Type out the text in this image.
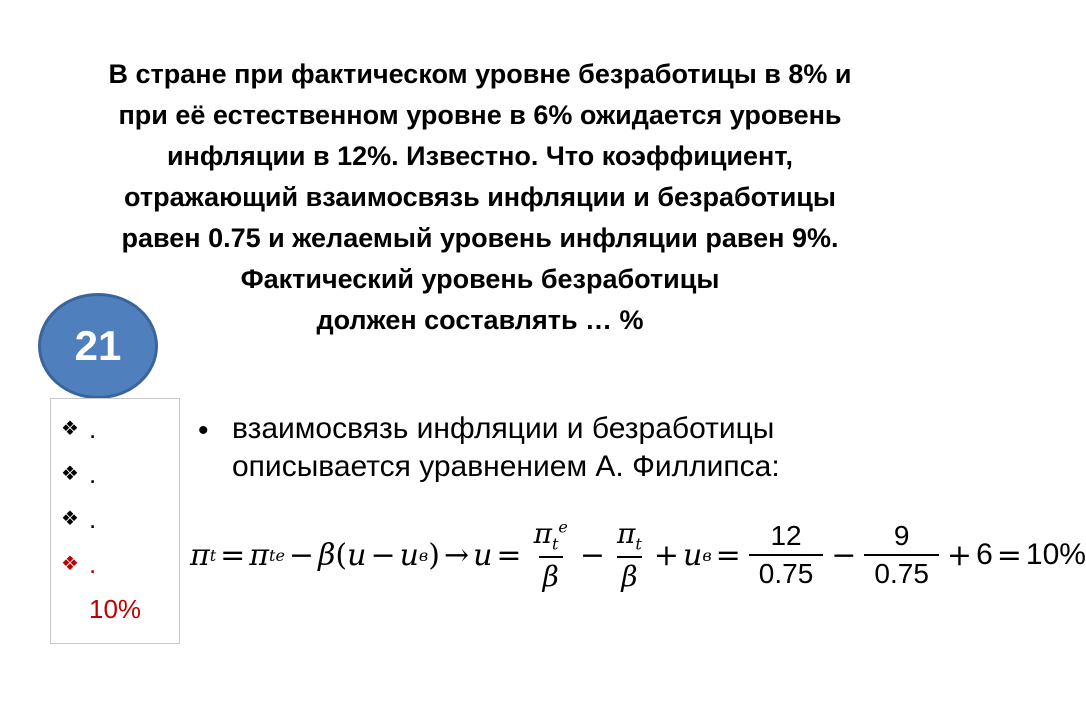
В стране при фактическом уровне безработицы в 8% и
при её естественном уровне в 6% ожидается уровень
инфляции в 12%. Известно. Что коэффициент,
отражающий взаимосвязь инфляции и безработицы
равен 0.75 и желаемый уровень инфляции равен 9%.
Фактический уровень безработицы
должен составлять … %
21
❖ .
❖ .
❖ .
❖ .
10%
• взаимосвязь инфляции и безработицы
описывается уравнением А. Филлипса:
π t = π t e − β ( u − u в ) → $u = \frac{\pi_t^e}{\beta} - \frac{\pi_t}{\beta} + u$ $в = \frac{12}{0.75} - \frac{9}{0.75} + 6 = 10\%$
